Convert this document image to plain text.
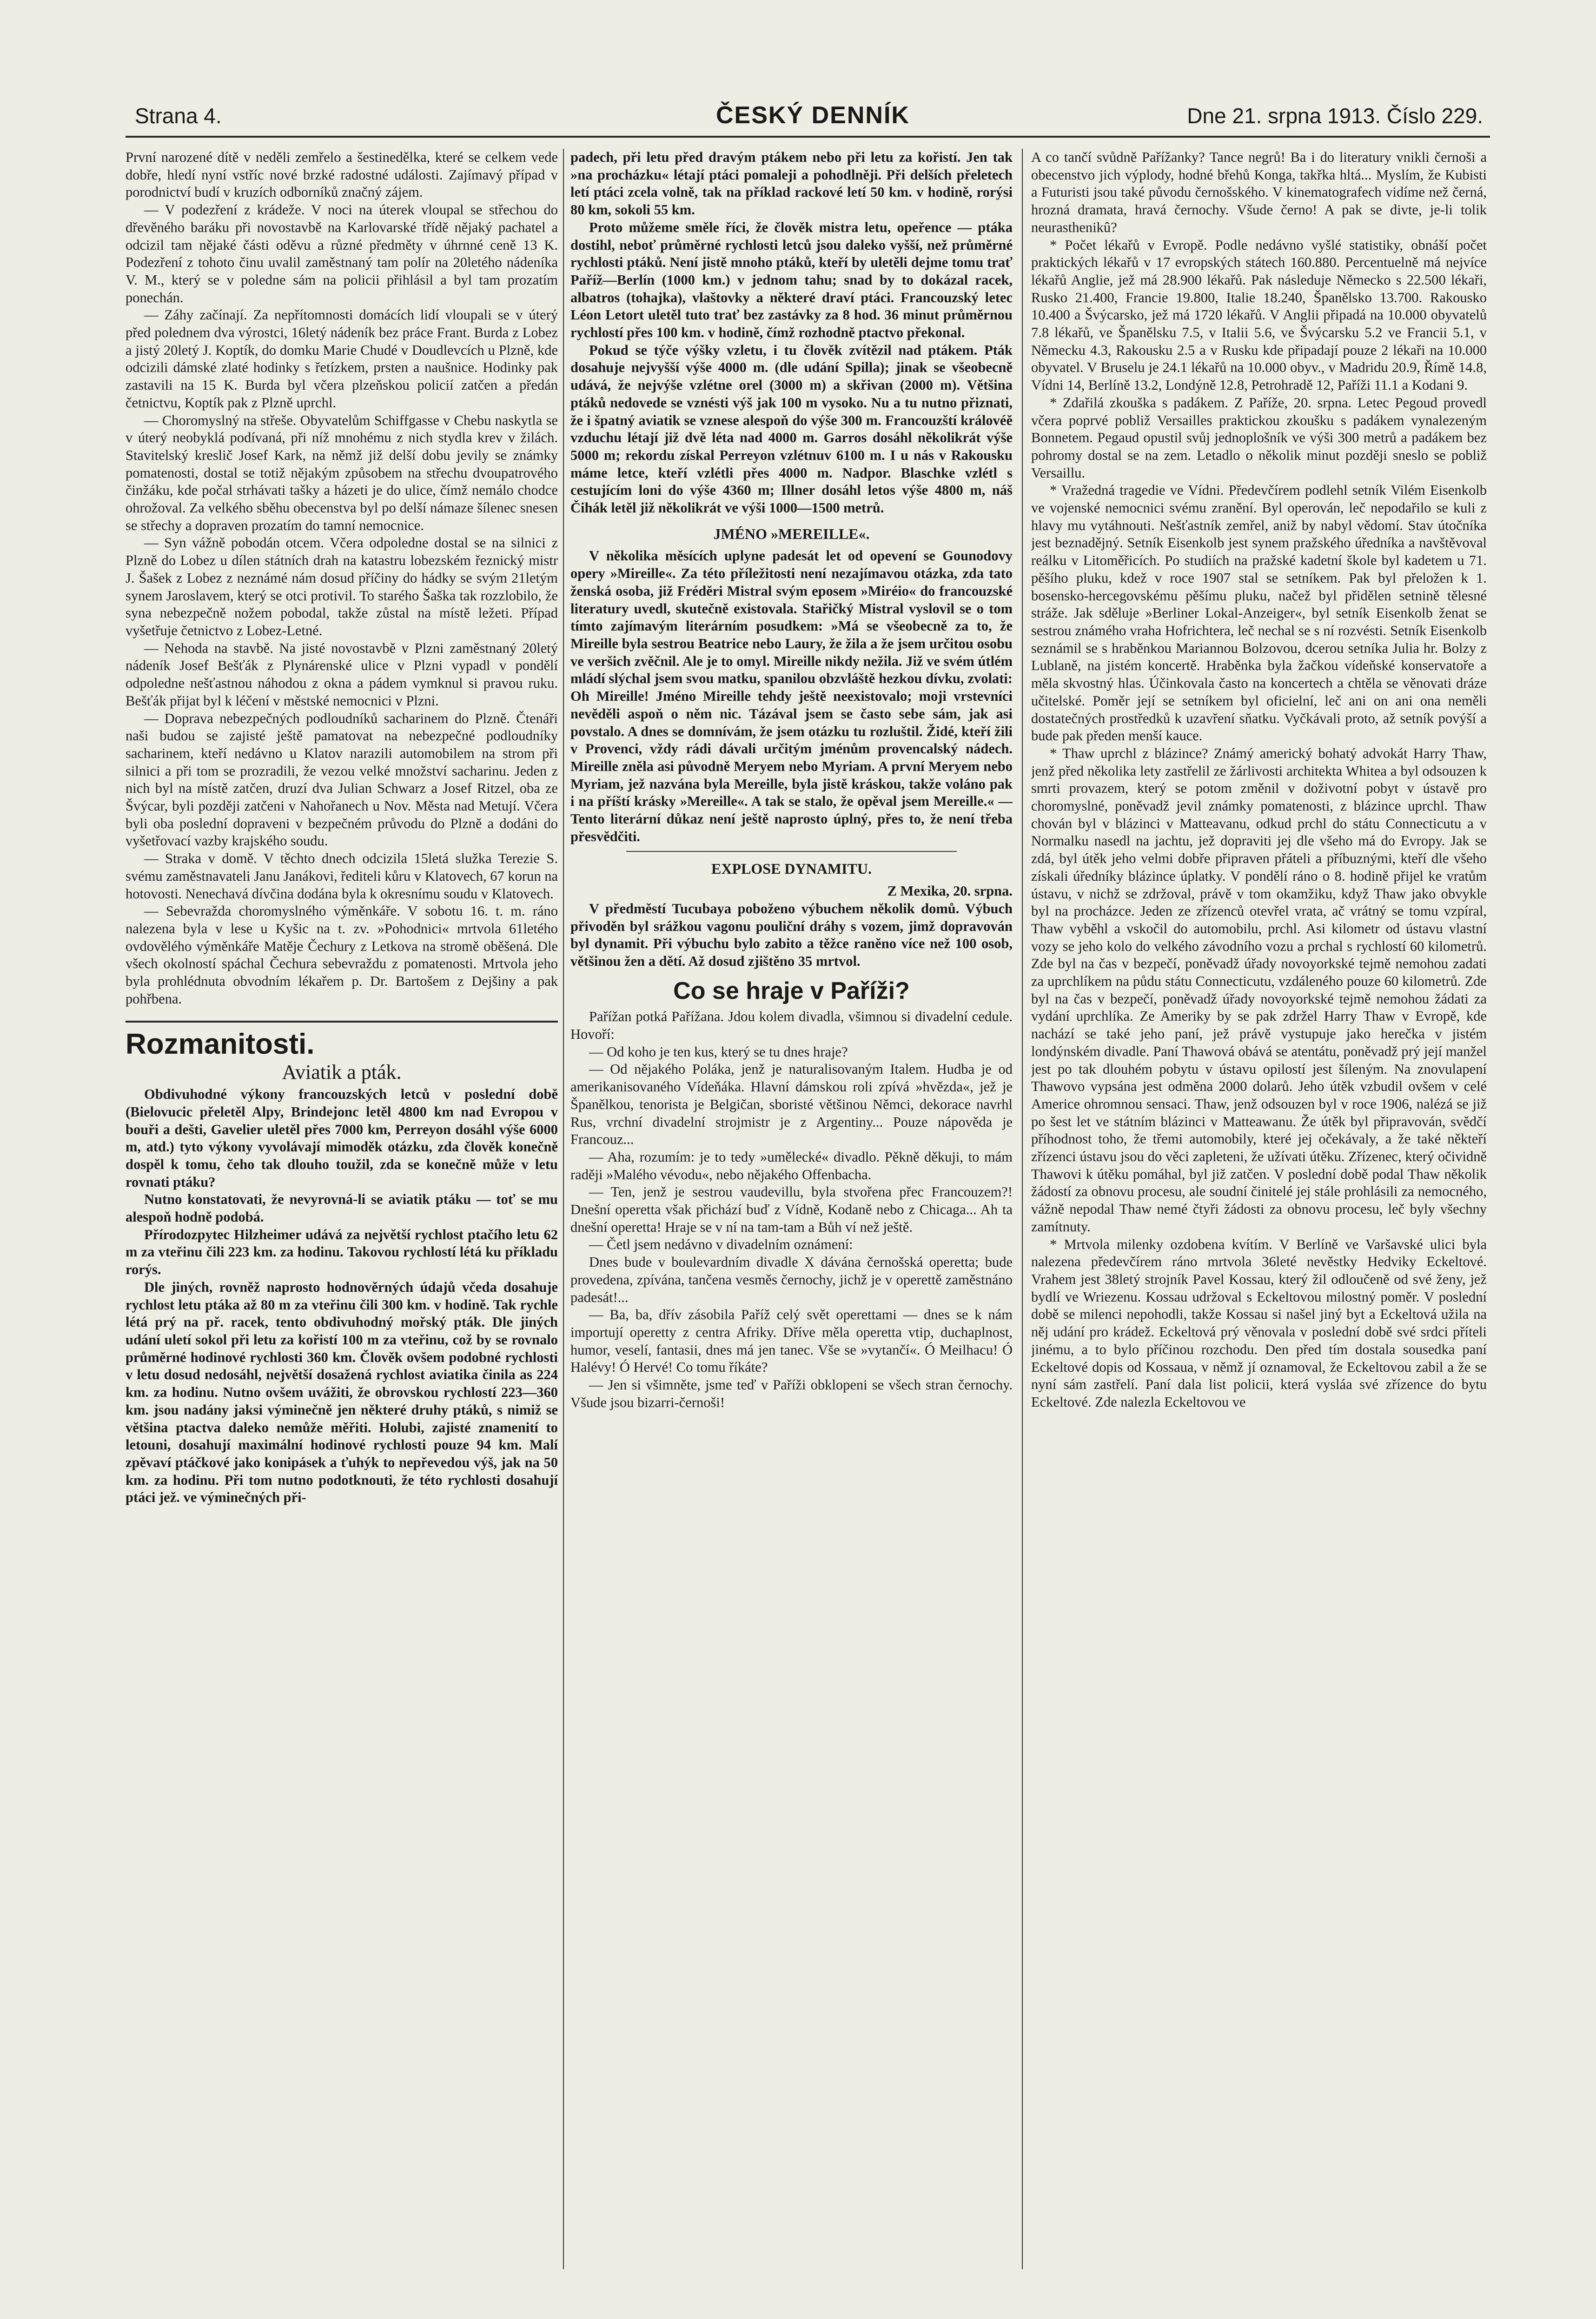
Strana 4.	ČESKÝ DENNÍK	Dne 21. srpna 1913. Číslo 229.

První narozené dítě v neděli zemřelo a šestinedělka, které se celkem vede dobře, hledí nyní vstříc nové brzké radostné události. Zajímavý případ v porodnictví budí v kruzích odborníků značný zájem.

— V podezření z krádeže. V noci na úterek vloupal se střechou do dřevěného baráku při novostavbě na Karlovarské třídě nějaký pachatel a odcizil tam nějaké části oděvu a různé předměty v úhrnné ceně 13 K. Podezření z tohoto činu uvalil zaměstnaný tam polír na 20letého nádeníka V. M., který se v poledne sám na policii přihlásil a byl tam prozatím ponechán.

— Záhy začínají. Za nepřítomnosti domácích lidí vloupali se v úterý před polednem dva výrostci, 16letý nádeník bez práce Frant. Burda z Lobez a jistý 20letý J. Koptík, do domku Marie Chudé v Doudlevcích u Plzně, kde odcizili dámské zlaté hodinky s řetízkem, prsten a naušnice. Hodinky pak zastavili na 15 K. Burda byl včera plzeňskou policií zatčen a předán četnictvu, Koptík pak z Plzně uprchl.

— Choromyslný na střeše. Obyvatelům Schiffgasse v Chebu naskytla se v úterý neobyklá podívaná, při níž mnohému z nich stydla krev v žilách. Stavitelský kreslič Josef Kark, na němž již delší dobu jevily se známky pomatenosti, dostal se totiž nějakým způsobem na střechu dvoupatrového činžáku, kde počal strhávati tašky a házeti je do ulice, čímž nemálo chodce ohrožoval. Za velkého sběhu obecenstva byl po delší námaze šílenec snesen se střechy a dopraven prozatím do tamní nemocnice.

— Syn vážně pobodán otcem. Včera odpoledne dostal se na silnici z Plzně do Lobez u dílen státních drah na katastru lobezském řeznický mistr J. Šašek z Lobez z neznámé nám dosud příčiny do hádky se svým 21letým synem Jaroslavem, který se otci protivil. To starého Šaška tak rozzlobilo, že syna nebezpečně nožem pobodal, takže zůstal na místě ležeti. Případ vyšetřuje četnictvo z Lobez-Letné.

— Nehoda na stavbě. Na jisté novostavbě v Plzni zaměstnaný 20letý nádeník Josef Bešťák z Plynárenské ulice v Plzni vypadl v pondělí odpoledne nešťastnou náhodou z okna a pádem vymknul si pravou ruku. Bešťák přijat byl k léčení v městské nemocnici v Plzni.

— Doprava nebezpečných podloudníků sacharinem do Plzně. Čtenáři naši budou se zajisté ještě pamatovat na nebezpečné podloudníky sacharinem, kteří nedávno u Klatov narazili automobilem na strom při silnici a při tom se prozradili, že vezou velké množství sacharinu. Jeden z nich byl na místě zatčen, druzí dva Julian Schwarz a Josef Ritzel, oba ze Švýcar, byli později zatčeni v Nahořanech u Nov. Města nad Metují. Včera byli oba poslední dopraveni v bezpečném průvodu do Plzně a dodáni do vyšetřovací vazby krajského soudu.

— Straka v domě. V těchto dnech odcizila 15letá služka Terezie S. svému zaměstnavateli Janu Janákovi, řediteli kůru v Klatovech, 67 korun na hotovosti. Nenechavá dívčina dodána byla k okresnímu soudu v Klatovech.

— Sebevražda choromyslného výměnkáře. V sobotu 16. t. m. ráno nalezena byla v lese u Kyšic na t. zv. »Pohodnici« mrtvola 61letého ovdovělého výměnkáře Matěje Čechury z Letkova na stromě oběšená. Dle všech okolností spáchal Čechura sebevraždu z pomatenosti. Mrtvola jeho byla prohlédnuta obvodním lékařem p. Dr. Bartošem z Dejšiny a pak pohřbena.

Rozmanitosti.
Aviatik a pták.

Obdivuhodné výkony francouzských letců v poslední době (Bielovucic přeletěl Alpy, Brindejonc letěl 4800 km nad Evropou v bouři a dešti, Gavelier uletěl přes 7000 km, Perreyon dosáhl výše 6000 m, atd.) tyto výkony vyvolávají mimoděk otázku, zda člověk konečně dospěl k tomu, čeho tak dlouho toužil, zda se konečně může v letu rovnati ptáku?

Nutno konstatovati, že nevyrovná-li se aviatik ptáku — toť se mu alespoň hodně podobá.

Přírodozpytec Hilzheimer udává za největší rychlost ptačího letu 62 m za vteřinu čili 223 km. za hodinu. Takovou rychlostí létá ku příkladu rorýs.

Dle jiných, rovněž naprosto hodnověrných údajů včeda dosahuje rychlost letu ptáka až 80 m za vteřinu čili 300 km. v hodině. Tak rychle létá prý na př. racek, tento obdivuhodný mořský pták. Dle jiných udání uletí sokol při letu za kořistí 100 m za vteřinu, což by se rovnalo průměrné hodinové rychlosti 360 km. Člověk ovšem podobné rychlosti v letu dosud nedosáhl, největší dosažená rychlost aviatika činila as 224 km. za hodinu. Nutno ovšem uvážiti, že obrovskou rychlostí 223—360 km. jsou nadány jaksi výminečně jen některé druhy ptáků, s nimiž se většina ptactva daleko nemůže měřiti. Holubi, zajisté znamenití to letouni, dosahují maximální hodinové rychlosti pouze 94 km. Malí zpěvaví ptáčkové jako konipásek a ťuhýk to nepřevedou výš, jak na 50 km. za hodinu. Při tom nutno podotknouti, že této rychlosti dosahují ptáci jež. ve výminečných při-

padech, při letu před dravým ptákem nebo při letu za kořistí. Jen tak »na procházku« létají ptáci pomaleji a pohodlněji. Při delších přeletech letí ptáci zcela volně, tak na příklad rackové letí 50 km. v hodině, rorýsi 80 km, sokoli 55 km.

Proto můžeme směle říci, že člověk mistra letu, opeřence — ptáka dostihl, neboť průměrné rychlosti letců jsou daleko vyšší, než průměrné rychlosti ptáků. Není jistě mnoho ptáků, kteří by uletěli dejme tomu trať Paříž—Berlín (1000 km.) v jednom tahu; snad by to dokázal racek, albatros (tohajka), vlaštovky a některé draví ptáci. Francouzský letec Léon Letort uletěl tuto trať bez zastávky za 8 hod. 36 minut průměrnou rychlostí přes 100 km. v hodině, čímž rozhodně ptactvo překonal.

Pokud se týče výšky vzletu, i tu člověk zvítězil nad ptákem. Pták dosahuje nejvyšší výše 4000 m. (dle udání Spilla); jinak se všeobecně udává, že nejvýše vzlétne orel (3000 m) a skřivan (2000 m). Většina ptáků nedovede se vznésti výš jak 100 m vysoko. Nu a tu nutno přiznati, že i špatný aviatik se vznese alespoň do výše 300 m. Francouzští královéě vzduchu létají již dvě léta nad 4000 m. Garros dosáhl několikrát výše 5000 m; rekordu získal Perreyon vzlétnuv 6100 m. I u nás v Rakousku máme letce, kteří vzlétli přes 4000 m. Nadpor. Blaschke vzlétl s cestujícím loni do výše 4360 m; Illner dosáhl letos výše 4800 m, náš Čihák letěl již několikrát ve výši 1000—1500 metrů.

JMÉNO »MEREILLE«.

V několika měsících uplyne padesát let od opevení se Gounodovy opery »Mireille«. Za této příležitosti není nezajímavou otázka, zda tato ženská osoba, již Fréděri Mistral svým eposem »Miréio« do francouzské literatury uvedl, skutečně existovala. Stařičký Mistral vyslovil se o tom tímto zajímavým literárním posudkem: »Má se všeobecně za to, že Mireille byla sestrou Beatrice nebo Laury, že žila a že jsem určitou osobu ve veršich zvěčnil. Ale je to omyl. Mireille nikdy nežila. Již ve svém útlém mládí slýchal jsem svou matku, spanilou obzvláště hezkou dívku, zvolati: Oh Mireille! Jméno Mireille tehdy ještě neexistovalo; moji vrstevníci nevěděli aspoň o něm nic. Tázával jsem se často sebe sám, jak asi povstalo. A dnes se domnívám, že jsem otázku tu rozluštil. Židé, kteří žili v Provenci, vždy rádi dávali určitým jménům provencalský nádech. Mireille zněla asi původně Meryem nebo Myriam. A první Meryem nebo Myriam, jež nazvána byla Mereille, byla jistě kráskou, takže voláno pak i na příští krásky »Mereille«. A tak se stalo, že opěval jsem Mereille.« — Tento literární důkaz není ještě naprosto úplný, přes to, že není třeba přesvědčiti.

EXPLOSE DYNAMITU.

Z Mexika, 20. srpna.

V předměstí Tucubaya poboženo výbuchem několik domů. Výbuch přivoděn byl srážkou vagonu pouliční dráhy s vozem, jimž dopravován byl dynamit. Při výbuchu bylo zabito a těžce raněno více než 100 osob, většinou žen a dětí. Až dosud zjištěno 35 mrtvol.

Co se hraje v Paříži?

Pařížan potká Pařížana. Jdou kolem divadla, všimnou si divadelní cedule. Hovoří:

— Od koho je ten kus, který se tu dnes hraje?

— Od nějakého Poláka, jenž je naturalisovaným Italem. Hudba je od amerikanisovaného Vídeňáka. Hlavní dámskou roli zpívá »hvězda«, jež je Španělkou, tenorista je Belgičan, sboristé většinou Němci, dekorace navrhl Rus, vrchní divadelní strojmistr je z Argentiny... Pouze nápověda je Francouz...

— Aha, rozumím: je to tedy »umělecké« divadlo. Pěkně děkuji, to mám raději »Malého vévodu«, nebo nějakého Offenbacha.

— Ten, jenž je sestrou vaudevillu, byla stvořena přec Francouzem?! Dnešní operetta však přichází buď z Vídně, Kodaně nebo z Chicaga... Ah ta dnešní operetta! Hraje se v ní na tam-tam a Bůh ví než ještě.

— Četl jsem nedávno v divadelním oznámení:

Dnes bude v boulevardním divadle X dávána černošská operetta; bude provedena, zpívána, tančena vesměs černochy, jichž je v operettě zaměstnáno padesát!...

— Ba, ba, dřív zásobila Paříž celý svět operettami — dnes se k nám importují operetty z centra Afriky. Dříve měla operetta vtip, duchaplnost, humor, veselí, fantasii, dnes má jen tanec. Vše se »vytančí«. Ó Meilhacu! Ó Halévy! Ó Hervé! Co tomu říkáte?

— Jen si všimněte, jsme teď v Paříži obklopeni se všech stran černochy. Všude jsou bizarri-černoši!

A co tančí svůdně Pařížanky? Tance negrů! Ba i do literatury vnikli černoši a obecenstvo jich výplody, hodné břehů Konga, takřka hltá... Myslím, že Kubisti a Futuristi jsou také původu černošského. V kinematografech vidíme než černá, hrozná dramata, hravá černochy. Všude černo! A pak se divte, je-li tolik neurasthenikû?

* Počet lékařů v Evropě. Podle nedávno vyšlé statistiky, obnáší počet praktických lékařů v 17 evropských státech 160.880. Percentuelně má nejvíce lékařů Anglie, jež má 28.900 lékařů. Pak následuje Německo s 22.500 lékaři, Rusko 21.400, Francie 19.800, Italie 18.240, Španělsko 13.700. Rakousko 10.400 a Švýcarsko, jež má 1720 lékařů. V Anglii připadá na 10.000 obyvatelů 7.8 lékařů, ve Španělsku 7.5, v Italii 5.6, ve Švýcarsku 5.2 ve Francii 5.1, v Německu 4.3, Rakousku 2.5 a v Rusku kde připadají pouze 2 lékaři na 10.000 obyvatel. V Bruselu je 24.1 lékařů na 10.000 obyv., v Madridu 20.9, Římě 14.8, Vídni 14, Berlíně 13.2, Londýně 12.8, Petrohradě 12, Paříži 11.1 a Kodani 9.

* Zdařilá zkouška s padákem. Z Paříže, 20. srpna. Letec Pegoud provedl včera poprvé pobliž Versailles praktickou zkoušku s padákem vynalezeným Bonnetem. Pegaud opustil svůj jednoplošník ve výši 300 metrů a padákem bez pohromy dostal se na zem. Letadlo o několik minut později sneslo se pobliž Versaillu.

* Vražedná tragedie ve Vídni. Předevčírem podlehl setník Vilém Eisenkolb ve vojenské nemocnici svému zranění. Byl operován, leč nepodařilo se kuli z hlavy mu vytáhnouti. Nešťastník zemřel, aniž by nabyl vědomí. Stav útočníka jest beznadějný. Setník Eisenkolb jest synem pražského úředníka a navštěvoval reálku v Litoměřicích. Po studiích na pražské kadetní škole byl kadetem u 71. pěšího pluku, kdež v roce 1907 stal se setníkem. Pak byl přeložen k 1. bosensko-hercegovskému pěšímu pluku, načež byl přidělen setnině tělesné stráže. Jak sděluje »Berliner Lokal-Anzeiger«, byl setník Eisenkolb ženat se sestrou známého vraha Hofrichtera, leč nechal se s ní rozvésti. Setník Eisenkolb seznámil se s hraběnkou Mariannou Bolzovou, dcerou setníka Julia hr. Bolzy z Lublaně, na jistém koncertě. Hraběnka byla žačkou vídeňské konservatoře a měla skvostný hlas. Účinkovala často na koncertech a chtěla se věnovati dráze učitelské. Poměr její se setníkem byl oficielní, leč ani on ani ona neměli dostatečných prostředků k uzavření sňatku. Vyčkávali proto, až setník povýší a bude pak předen menší kauce.

* Thaw uprchl z blázince? Známý americký bohatý advokát Harry Thaw, jenž před několika lety zastřelil ze žárlivosti architekta Whitea a byl odsouzen k smrti provazem, který se potom změnil v doživotní pobyt v ústavě pro choromyslné, poněvadž jevil známky pomatenosti, z blázince uprchl. Thaw chován byl v blázinci v Matteavanu, odkud prchl do státu Connecticutu a v Normalku nasedl na jachtu, jež dopraviti jej dle všeho má do Evropy. Jak se zdá, byl útěk jeho velmi dobře připraven přáteli a příbuznými, kteří dle všeho získali úředníky blázince úplatky. V pondělí ráno o 8. hodině přijel ke vratům ústavu, v nichž se zdržoval, právě v tom okamžiku, když Thaw jako obvykle byl na procházce. Jeden ze zřízenců otevřel vrata, ač vrátný se tomu vzpíral, Thaw vyběhl a vskočil do automobilu, prchl. Asi kilometr od ústavu vlastní vozy se jeho kolo do velkého závodního vozu a prchal s rychlostí 60 kilometrů. Zde byl na čas v bezpečí, poněvadž úřady novoyorkské tejmě nemohou zadati za uprchlíkem na půdu státu Connecticutu, vzdáleného pouze 60 kilometrů. Zde byl na čas v bezpečí, poněvadž úřady novoyorkské tejmě nemohou žádati za vydání uprchlíka. Ze Ameriky by se pak zdržel Harry Thaw v Evropě, kde nachází se také jeho paní, jež právě vystupuje jako herečka v jistém londýnském divadle. Paní Thawová obává se atentátu, poněvadž prý její manžel jest po tak dlouhém pobytu v ústavu opilostí jest šíleným. Na znovulapení Thawovo vypsána jest odměna 2000 dolarů. Jeho útěk vzbudil ovšem v celé Americe ohromnou sensaci. Thaw, jenž odsouzen byl v roce 1906, nalézá se již po šest let ve státním blázinci v Matteawanu. Že útěk byl připravován, svědčí příhodnost toho, že třemi automobily, které jej očekávaly, a že také někteří zřízenci ústavu jsou do věci zapleteni, že užívati útěku. Zřízenec, který očividně Thawovi k útěku pomáhal, byl již zatčen. V poslední době podal Thaw několik žádostí za obnovu procesu, ale soudní činitelé jej stále prohlásili za nemocného, vážně nepodal Thaw nemé čtyři žádosti za obnovu procesu, leč byly všechny zamítnuty.

* Mrtvola milenky ozdobena kvítím. V Berlíně ve Varšavské ulici byla nalezena předevčírem ráno mrtvola 36leté nevěstky Hedviky Eckeltové. Vrahem jest 38letý strojník Pavel Kossau, který žil odloučeně od své ženy, jež bydlí ve Wriezenu. Kossau udržoval s Eckeltovou milostný poměr. V poslední době se milenci nepohodli, takže Kossau si našel jiný byt a Eckeltová užila na něj udání pro krádež. Eckeltová prý věnovala v poslední době své srdci příteli jinému, a to bylo příčinou rozchodu. Den před tím dostala sousedka paní Eckeltové dopis od Kossaua, v němž jí oznamoval, že Eckeltovou zabil a že se nyní sám zastřelí. Paní dala list policii, která vysláa své zřízence do bytu Eckeltové. Zde nalezla Eckeltovou ve
